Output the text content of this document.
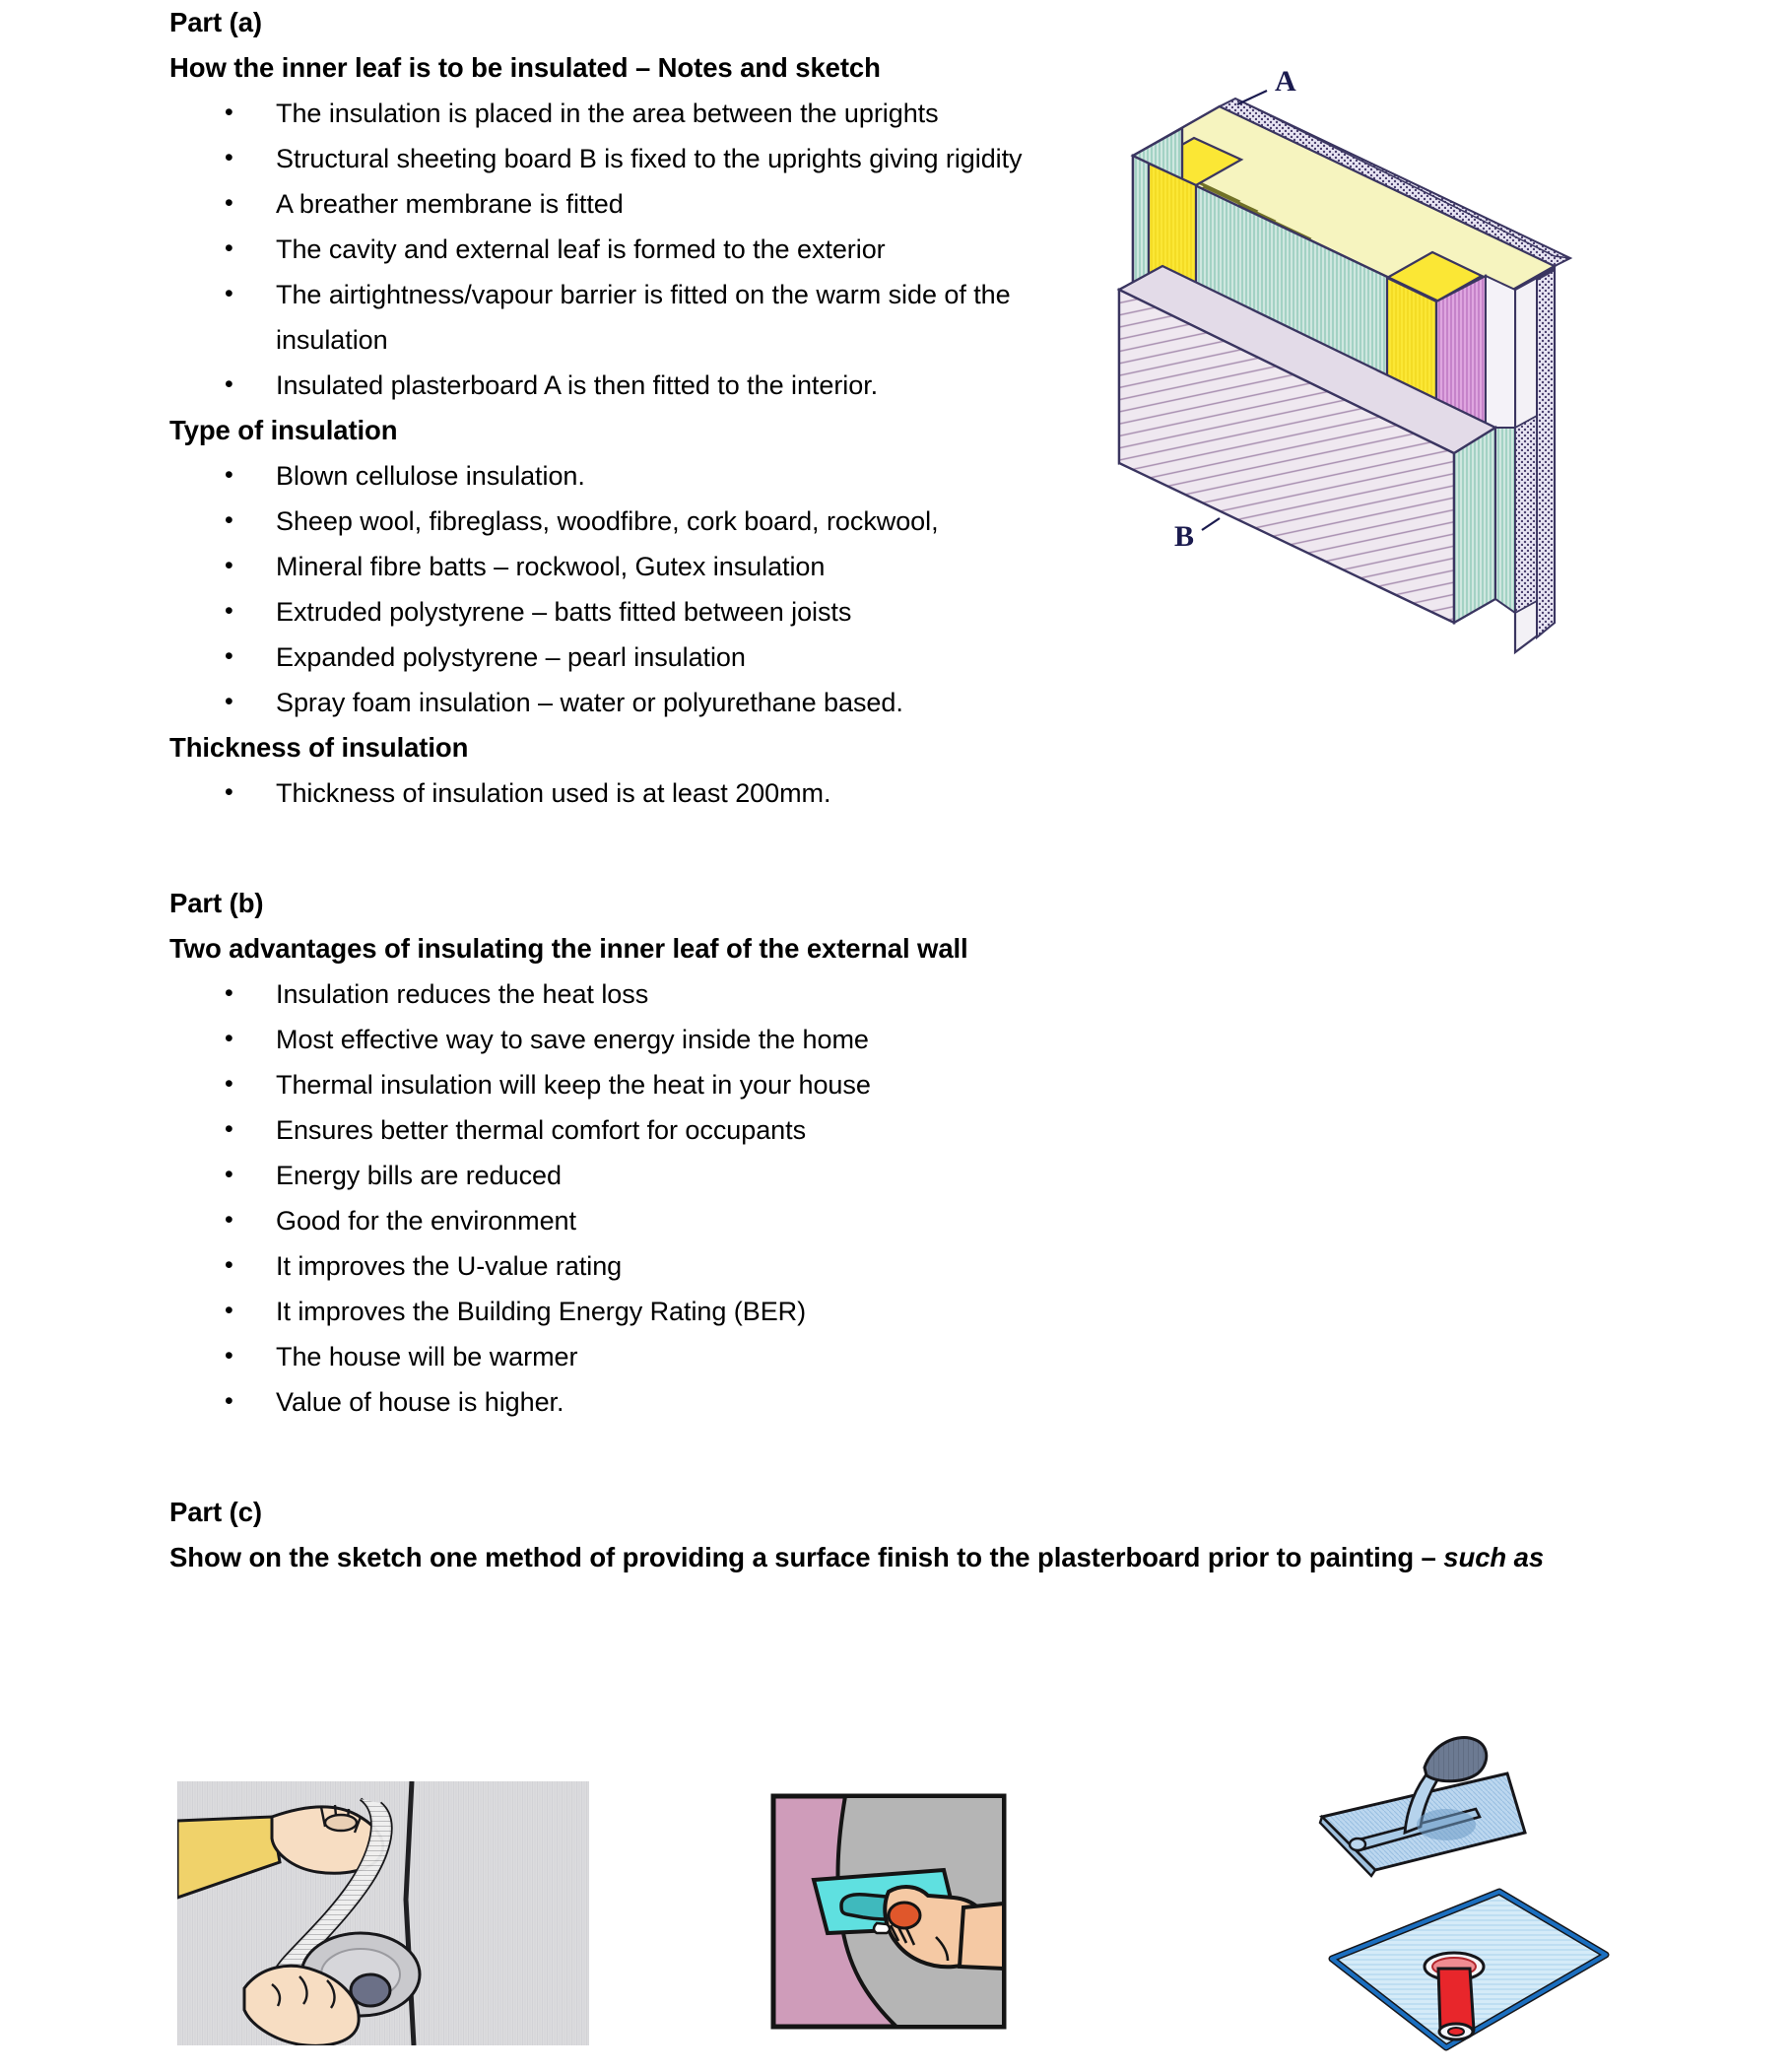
Part (a)
How the inner leaf is to be insulated – Notes and sketch
• The insulation is placed in the area between the uprights
• Structural sheeting board B is fixed to the uprights giving rigidity
• A breather membrane is fitted
• The cavity and external leaf is formed to the exterior
• The airtightness/vapour barrier is fitted on the warm side of the insulation
• Insulated plasterboard A is then fitted to the interior.
Type of insulation
• Blown cellulose insulation.
• Sheep wool, fibreglass, woodfibre, cork board, rockwool,
• Mineral fibre batts – rockwool, Gutex insulation
• Extruded polystyrene – batts fitted between joists
• Expanded polystyrene – pearl insulation
• Spray foam insulation – water or polyurethane based.
Thickness of insulation
• Thickness of insulation used is at least 200mm.
Part (b)
Two advantages of insulating the inner leaf of the external wall
• Insulation reduces the heat loss
• Most effective way to save energy inside the home
• Thermal insulation will keep the heat in your house
• Ensures better thermal comfort for occupants
• Energy bills are reduced
• Good for the environment
• It improves the U-value rating
• It improves the Building Energy Rating (BER)
• The house will be warmer
• Value of house is higher.
Part (c)
Show on the sketch one method of providing a surface finish to the plasterboard prior to painting – such as
A
B
